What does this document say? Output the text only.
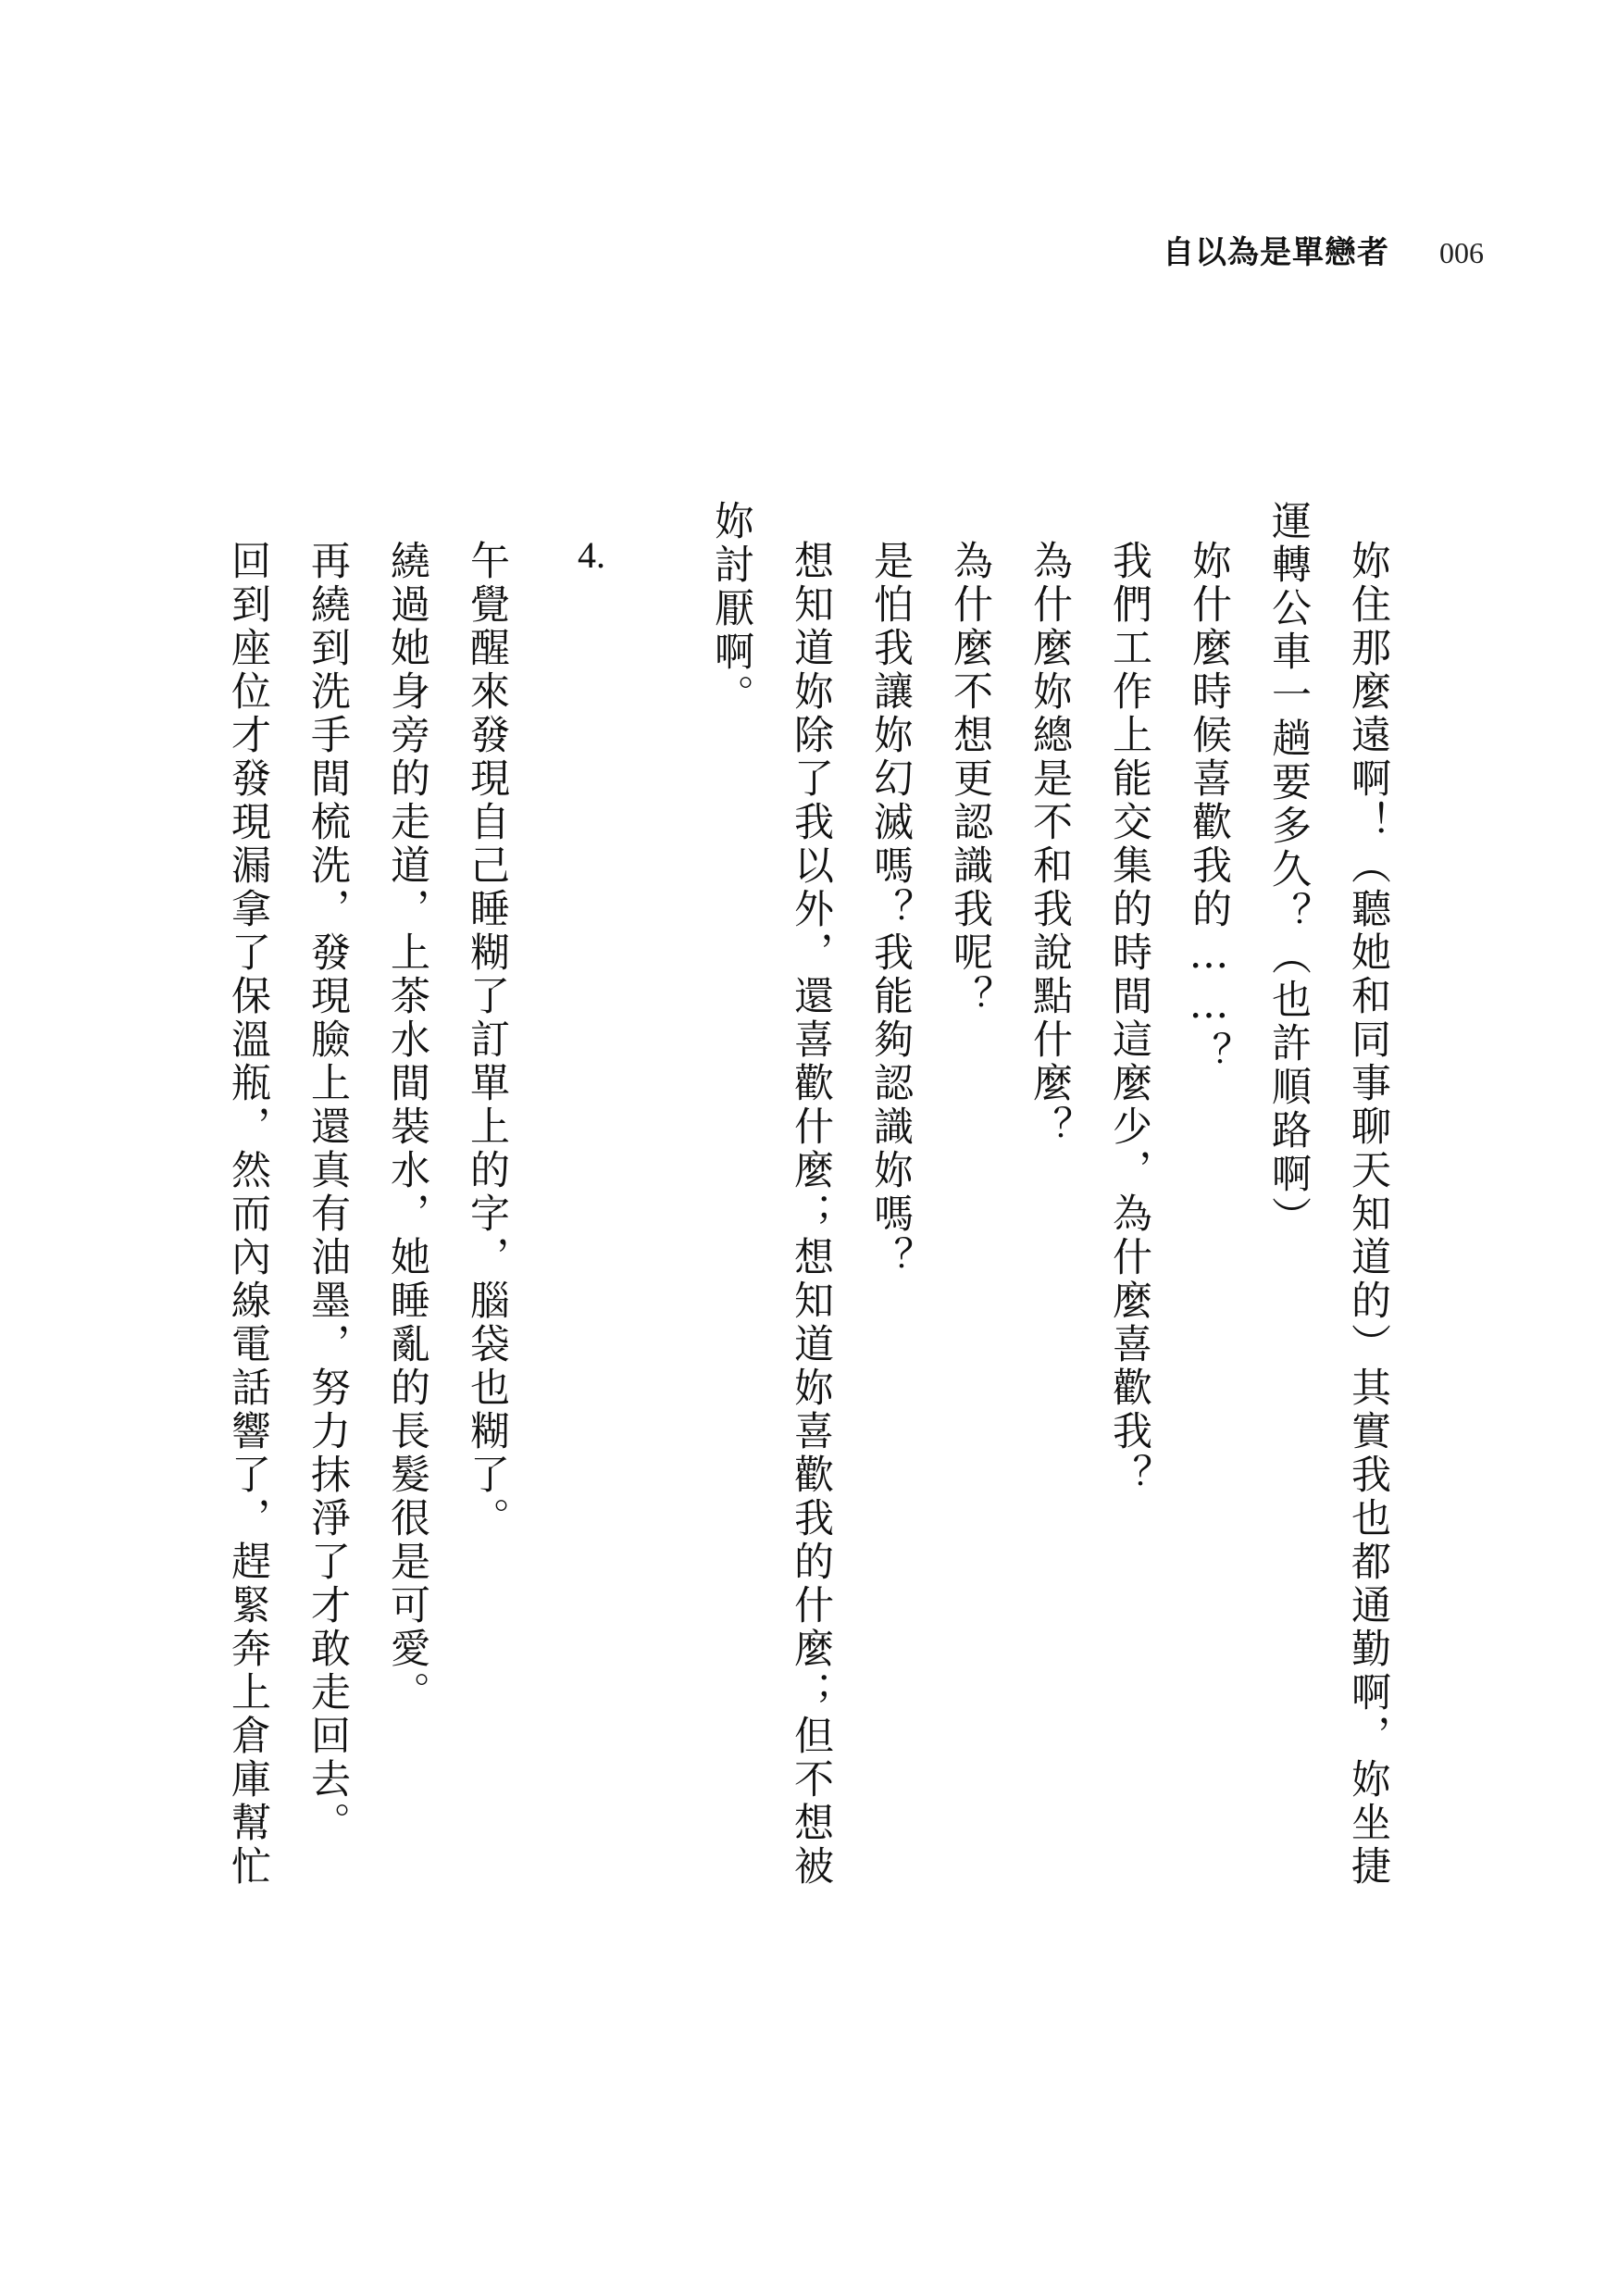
自以為是單戀者 006
妳住那麼遠啊！（聽她和同事聊天知道的）其實我也都通勤啊，妳坐捷
運轉公車一趟要多久？（也許順路啊）
妳什麼時候喜歡我的……？
我們工作上能交集的時間這麼少，為什麼喜歡我？
為什麼妳總是不和我說點什麼？
為什麼不想更認識我呢？
是怕我讓妳幻滅嗎？我能夠認識妳嗎？
想知道妳除了我以外，還喜歡什麼；想知道妳喜歡我的什麼；但不想被
妳討厭啊。
4.
午覺醒來發現自己睡糊了訂單上的字，腦袋也糊了。
繞過她身旁的走道，上茶水間裝水，她睡亂的長髮很是可愛。
再繞到洗手間梳洗，發現臉上還真有油墨，努力抹淨了才敢走回去。
回到座位才發現漏拿了保溫瓶，然而內線電話響了，趕緊奔上倉庫幫忙
